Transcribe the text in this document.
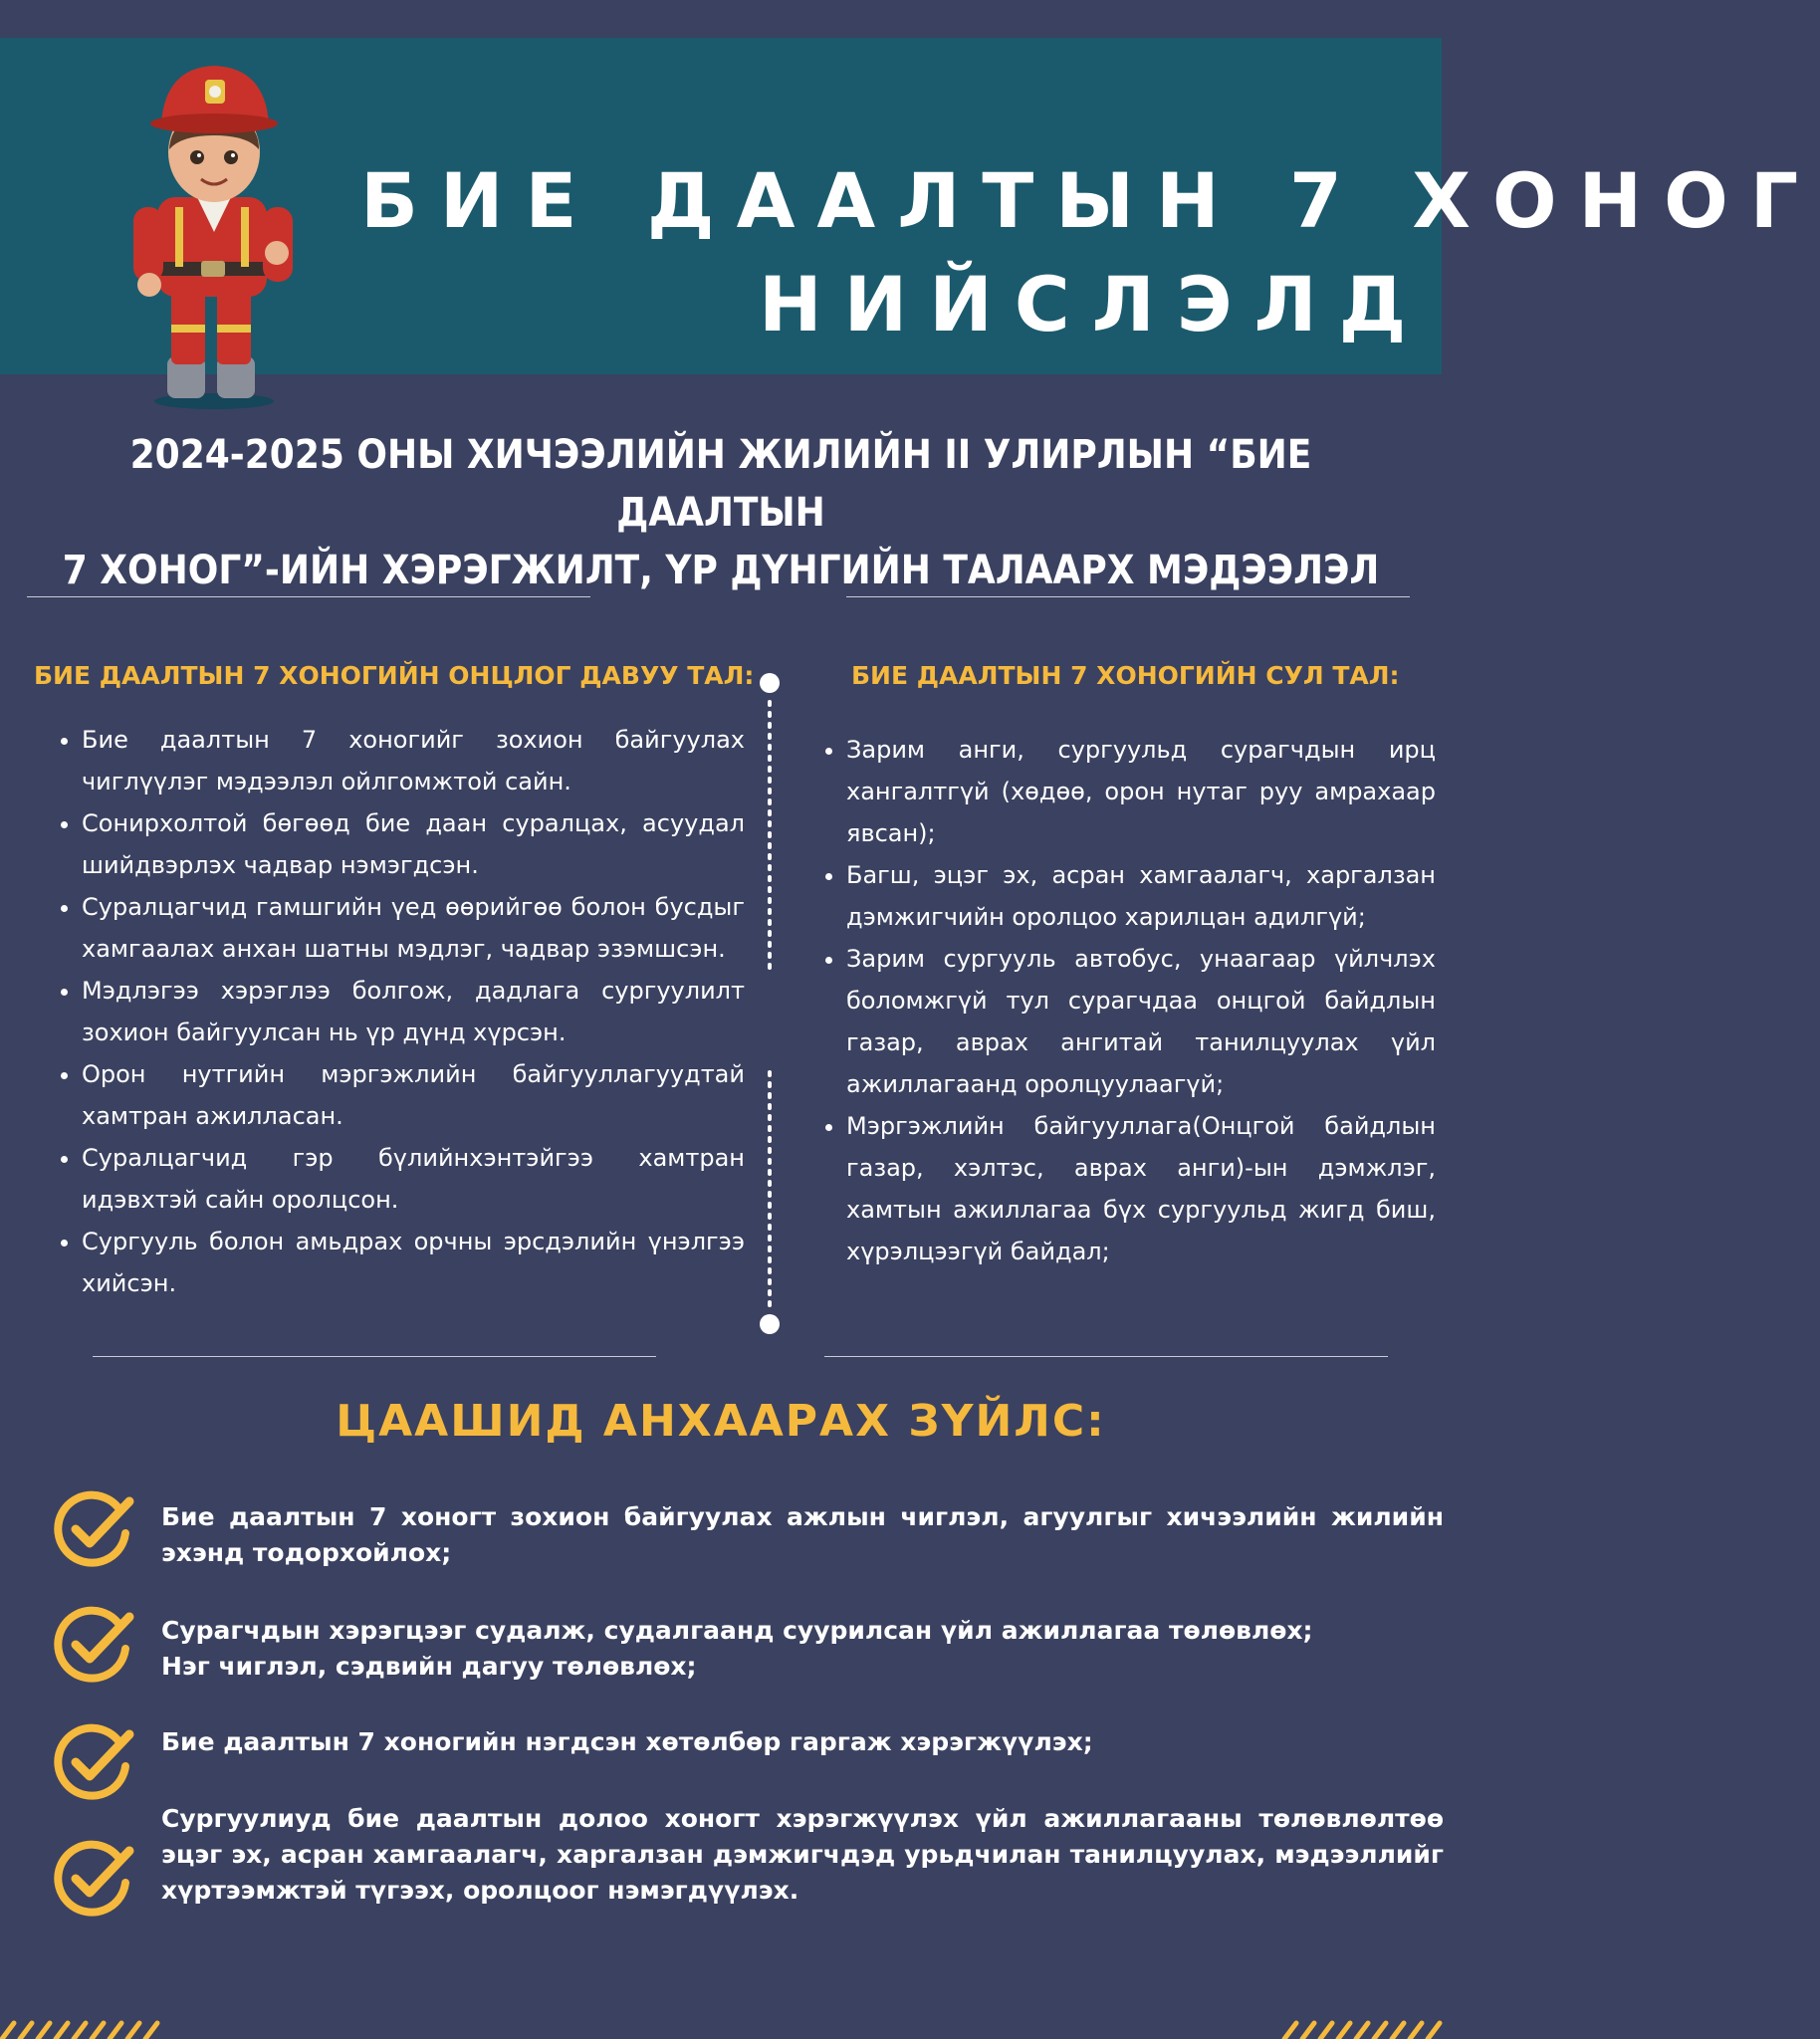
БИЕ ДААЛТЫН 7 ХОНОГ
НИЙСЛЭЛД
2024-2025 ОНЫ ХИЧЭЭЛИЙН ЖИЛИЙН II УЛИРЛЫН “БИЕ ДААЛТЫН
7 ХОНОГ”-ИЙН ХЭРЭГЖИЛТ, ҮР ДҮНГИЙН ТАЛААРХ МЭДЭЭЛЭЛ
БИЕ ДААЛТЫН 7 ХОНОГИЙН ОНЦЛОГ ДАВУУ ТАЛ:
• Бие даалтын 7 хоногийг зохион байгуулах чиглүүлэг мэдээлэл ойлгомжтой сайн.
• Сонирхолтой бөгөөд бие даан суралцах, асуудал шийдвэрлэх чадвар нэмэгдсэн.
• Суралцагчид гамшгийн үед өөрийгөө болон бусдыг хамгаалах анхан шатны мэдлэг, чадвар эзэмшсэн.
• Мэдлэгээ хэрэглээ болгож, дадлага сургуулилт зохион байгуулсан нь үр дүнд хүрсэн.
• Орон нутгийн мэргэжлийн байгууллагуудтай хамтран ажилласан.
• Суралцагчид гэр бүлийнхэнтэйгээ хамтран идэвхтэй сайн оролцсон.
• Сургууль болон амьдрах орчны эрсдэлийн үнэлгээ хийсэн.
БИЕ ДААЛТЫН 7 ХОНОГИЙН СУЛ ТАЛ:
• Зарим анги, сургуульд сурагчдын ирц хангалтгүй (хөдөө, орон нутаг руу амрахаар явсан);
• Багш, эцэг эх, асран хамгаалагч, харгалзан дэмжигчийн оролцоо харилцан адилгүй;
• Зарим сургууль автобус, унаагаар үйлчлэх боломжгүй тул сурагчдаа онцгой байдлын газар, аврах ангитай танилцуулах үйл ажиллагаанд оролцуулаагүй;
• Мэргэжлийн байгууллага(Онцгой байдлын газар, хэлтэс, аврах анги)-ын дэмжлэг, хамтын ажиллагаа бүх сургуульд жигд биш, хүрэлцээгүй байдал;
ЦААШИД АНХААРАХ ЗҮЙЛС:
Бие даалтын 7 хоногт зохион байгуулах ажлын чиглэл, агуулгыг хичээлийн жилийн эхэнд тодорхойлох;
Сурагчдын хэрэгцээг судалж, судалгаанд суурилсан үйл ажиллагаа төлөвлөх;
Нэг чиглэл, сэдвийн дагуу төлөвлөх;
Бие даалтын 7 хоногийн нэгдсэн хөтөлбөр гаргаж хэрэгжүүлэх;
Сургуулиуд бие даалтын долоо хоногт хэрэгжүүлэх үйл ажиллагааны төлөвлөлтөө эцэг эх, асран хамгаалагч, харгалзан дэмжигчдэд урьдчилан танилцуулах, мэдээллийг хүртээмжтэй түгээх, оролцоог нэмэгдүүлэх.
